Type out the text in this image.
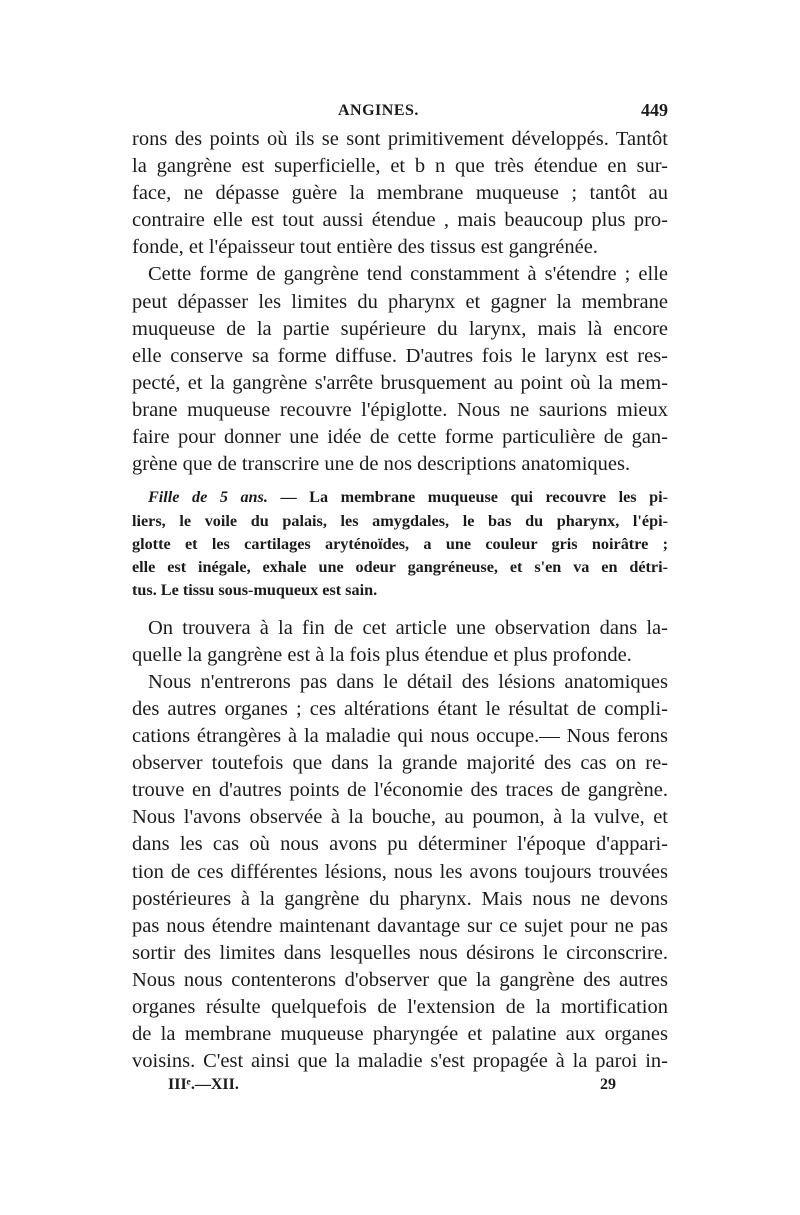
ANGINES.	449

rons des points où ils se sont primitivement développés. Tantôt
la gangrène est superficielle, et b n que très étendue en sur-
face, ne dépasse guère la membrane muqueuse ; tantôt au
contraire elle est tout aussi étendue , mais beaucoup plus pro-
fonde, et l'épaisseur tout entière des tissus est gangrénée.

Cette forme de gangrène tend constamment à s'étendre ; elle
peut dépasser les limites du pharynx et gagner la membrane
muqueuse de la partie supérieure du larynx, mais là encore
elle conserve sa forme diffuse. D'autres fois le larynx est res-
pecté, et la gangrène s'arrête brusquement au point où la mem-
brane muqueuse recouvre l'épiglotte. Nous ne saurions mieux
faire pour donner une idée de cette forme particulière de gan-
grène que de transcrire une de nos descriptions anatomiques.

Fille de 5 ans. — La membrane muqueuse qui recouvre les pi-
liers, le voile du palais, les amygdales, le bas du pharynx, l'épi-
glotte et les cartilages aryténoïdes, a une couleur gris noirâtre ;
elle est inégale, exhale une odeur gangréneuse, et s'en va en détri-
tus. Le tissu sous-muqueux est sain.

On trouvera à la fin de cet article une observation dans la-
quelle la gangrène est à la fois plus étendue et plus profonde.

Nous n'entrerons pas dans le détail des lésions anatomiques
des autres organes ; ces altérations étant le résultat de compli-
cations étrangères à la maladie qui nous occupe.— Nous ferons
observer toutefois que dans la grande majorité des cas on re-
trouve en d'autres points de l'économie des traces de gangrène.
Nous l'avons observée à la bouche, au poumon, à la vulve, et
dans les cas où nous avons pu déterminer l'époque d'appari-
tion de ces différentes lésions, nous les avons toujours trouvées
postérieures à la gangrène du pharynx. Mais nous ne devons
pas nous étendre maintenant davantage sur ce sujet pour ne pas
sortir des limites dans lesquelles nous désirons le circonscrire.
Nous nous contenterons d'observer que la gangrène des autres
organes résulte quelquefois de l'extension de la mortification
de la membrane muqueuse pharyngée et palatine aux organes
voisins. C'est ainsi que la maladie s'est propagée à la paroi in-

IIIᵉ.—XII.	29
